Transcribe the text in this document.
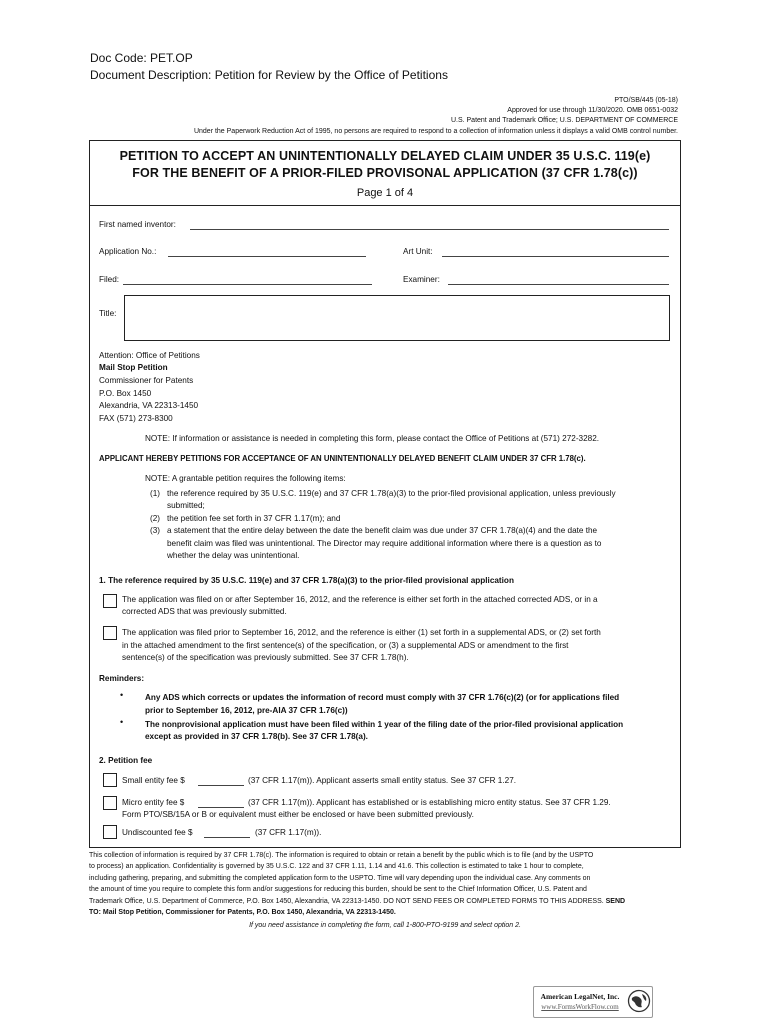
Doc Code: PET.OP
Document Description: Petition for Review by the Office of Petitions
PTO/SB/445 (05-18)
Approved for use through 11/30/2020. OMB 0651-0032
U.S. Patent and Trademark Office; U.S. DEPARTMENT OF COMMERCE
Under the Paperwork Reduction Act of 1995, no persons are required to respond to a collection of information unless it displays a valid OMB control number.
PETITION TO ACCEPT AN UNINTENTIONALLY DELAYED CLAIM UNDER 35 U.S.C. 119(e)
FOR THE BENEFIT OF A PRIOR-FILED PROVISONAL APPLICATION (37 CFR 1.78(c))
Page 1 of 4
First named inventor:
Application No.:	Art Unit:
Filed:	Examiner:
Title:
Attention: Office of Petitions
Mail Stop Petition
Commissioner for Patents
P.O. Box 1450
Alexandria, VA 22313-1450
FAX (571) 273-8300
NOTE: If information or assistance is needed in completing this form, please contact the Office of Petitions at (571) 272-3282.
APPLICANT HEREBY PETITIONS FOR ACCEPTANCE OF AN UNINTENTIONALLY DELAYED BENEFIT CLAIM UNDER 37 CFR 1.78(c).
NOTE: A grantable petition requires the following items:
(1) the reference required by 35 U.S.C. 119(e) and 37 CFR 1.78(a)(3) to the prior-filed provisional application, unless previously
submitted;
(2) the petition fee set forth in 37 CFR 1.17(m); and
(3) a statement that the entire delay between the date the benefit claim was due under 37 CFR 1.78(a)(4) and the date the
benefit claim was filed was unintentional. The Director may require additional information where there is a question as to
whether the delay was unintentional.
1. The reference required by 35 U.S.C. 119(e) and 37 CFR 1.78(a)(3) to the prior-filed provisional application
The application was filed on or after September 16, 2012, and the reference is either set forth in the attached corrected ADS, or in a
corrected ADS that was previously submitted.
The application was filed prior to September 16, 2012, and the reference is either (1) set forth in a supplemental ADS, or (2) set forth
in the attached amendment to the first sentence(s) of the specification, or (3) a supplemental ADS or amendment to the first
sentence(s) of the specification was previously submitted. See 37 CFR 1.78(h).
Reminders:
•	Any ADS which corrects or updates the information of record must comply with 37 CFR 1.76(c)(2) (or for applications filed
prior to September 16, 2012, pre-AIA 37 CFR 1.76(c))
•	The nonprovisional application must have been filed within 1 year of the filing date of the prior-filed provisional application
except as provided in 37 CFR 1.78(b). See 37 CFR 1.78(a).
2. Petition fee
Small entity fee $	(37 CFR 1.17(m)). Applicant asserts small entity status. See 37 CFR 1.27.
Micro entity fee $	(37 CFR 1.17(m)). Applicant has established or is establishing micro entity status. See 37 CFR 1.29.
Form PTO/SB/15A or B or equivalent must either be enclosed or have been submitted previously.
Undiscounted fee $	(37 CFR 1.17(m)).
This collection of information is required by 37 CFR 1.78(c). The information is required to obtain or retain a benefit by the public which is to file (and by the USPTO
to process) an application. Confidentiality is governed by 35 U.S.C. 122 and 37 CFR 1.11, 1.14 and 41.6. This collection is estimated to take 1 hour to complete,
including gathering, preparing, and submitting the completed application form to the USPTO. Time will vary depending upon the individual case. Any comments on
the amount of time you require to complete this form and/or suggestions for reducing this burden, should be sent to the Chief Information Officer, U.S. Patent and
Trademark Office, U.S. Department of Commerce, P.O. Box 1450, Alexandria, VA 22313-1450. DO NOT SEND FEES OR COMPLETED FORMS TO THIS ADDRESS. SEND
TO: Mail Stop Petition, Commissioner for Patents, P.O. Box 1450, Alexandria, VA 22313-1450.
If you need assistance in completing the form, call 1-800-PTO-9199 and select option 2.
American LegalNet, Inc.
www.FormsWorkFlow.com
